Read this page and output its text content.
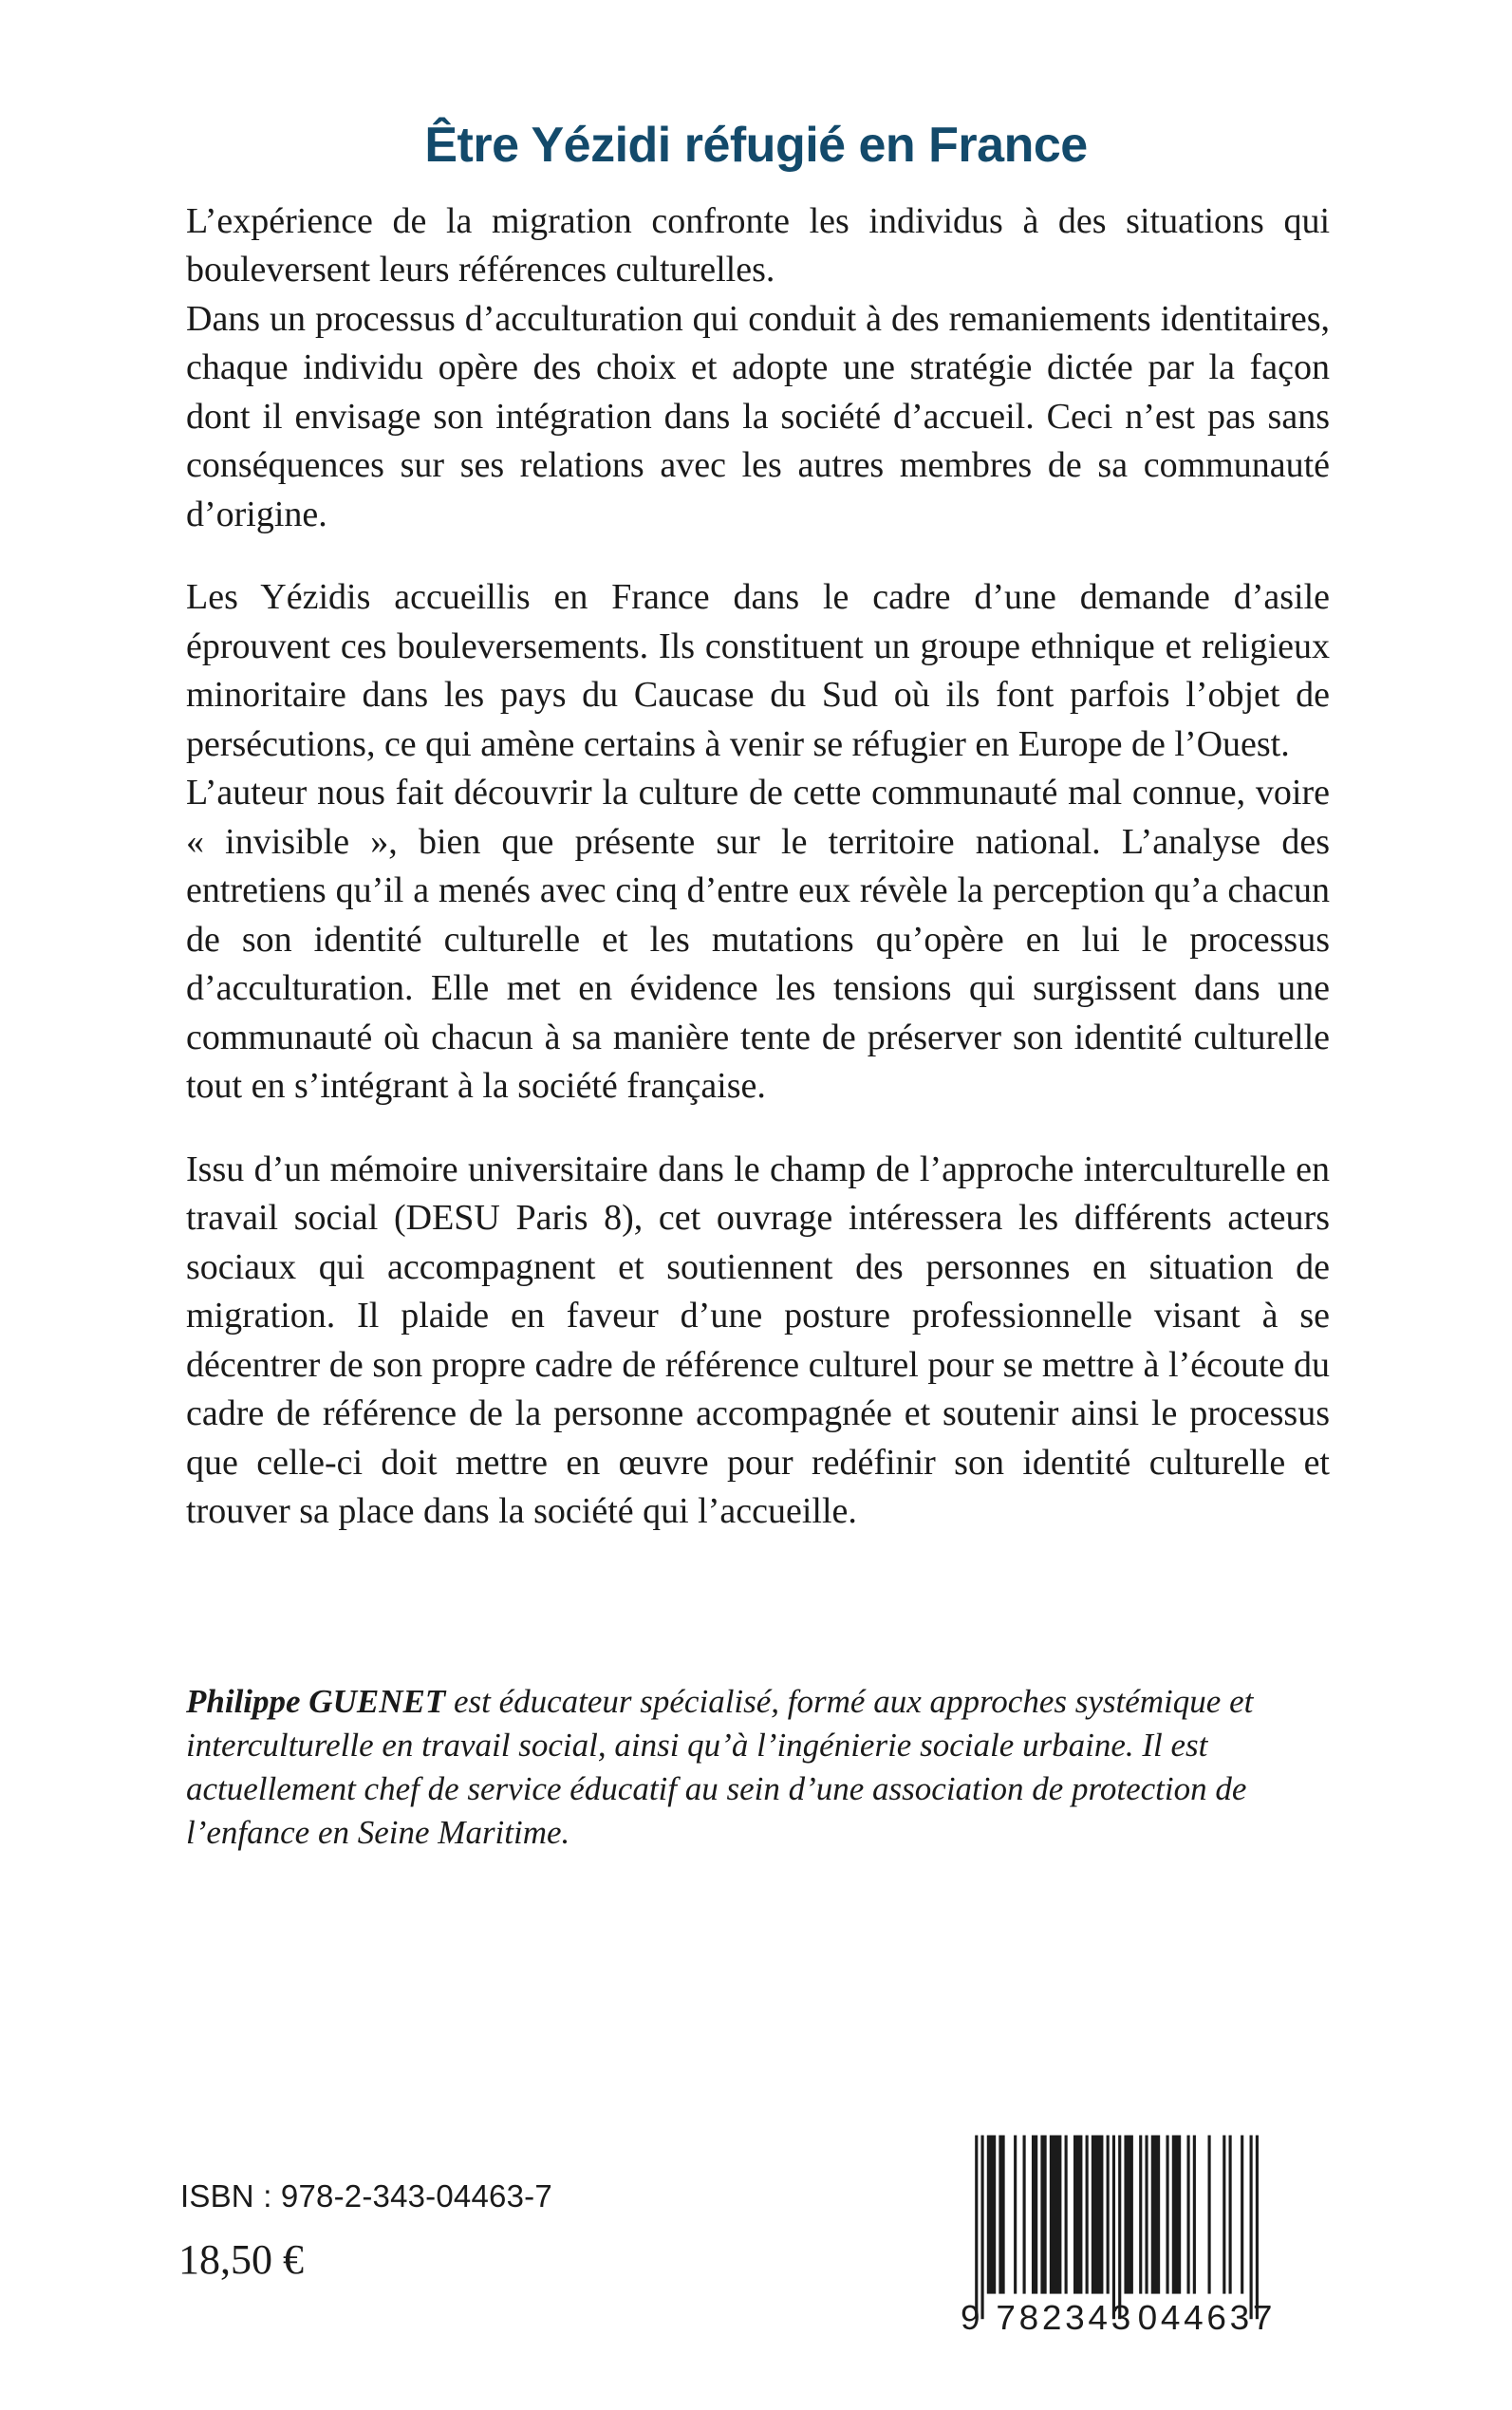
Être Yézidi réfugié en France

L’expérience de la migration confronte les individus à des situations qui bouleversent leurs références culturelles.

Dans un processus d’acculturation qui conduit à des remaniements identitaires, chaque individu opère des choix et adopte une stratégie dictée par la façon dont il envisage son intégration dans la société d’accueil. Ceci n’est pas sans conséquences sur ses relations avec les autres membres de sa communauté d’origine.

Les Yézidis accueillis en France dans le cadre d’une demande d’asile éprouvent ces bouleversements. Ils constituent un groupe ethnique et religieux minoritaire dans les pays du Caucase du Sud où ils font parfois l’objet de persécutions, ce qui amène certains à venir se réfugier en Europe de l’Ouest.

L’auteur nous fait découvrir la culture de cette communauté mal connue, voire « invisible », bien que présente sur le territoire national. L’analyse des entretiens qu’il a menés avec cinq d’entre eux révèle la perception qu’a chacun de son identité culturelle et les mutations qu’opère en lui le processus d’acculturation. Elle met en évidence les tensions qui surgissent dans une communauté où chacun à sa manière tente de préserver son identité culturelle tout en s’intégrant à la société française.

Issu d’un mémoire universitaire dans le champ de l’approche interculturelle en travail social (DESU Paris 8), cet ouvrage intéressera les différents acteurs sociaux qui accompagnent et soutiennent des personnes en situation de migration. Il plaide en faveur d’une posture professionnelle visant à se décentrer de son propre cadre de référence culturel pour se mettre à l’écoute du cadre de référence de la personne accompagnée et soutenir ainsi le processus que celle-ci doit mettre en œuvre pour redéfinir son identité culturelle et trouver sa place dans la société qui l’accueille.

Philippe GUENET est éducateur spécialisé, formé aux approches systémique et interculturelle en travail social, ainsi qu’à l’ingénierie sociale urbaine. Il est actuellement chef de service éducatif au sein d’une association de protection de l’enfance en Seine Maritime.
ISBN : 978-2-343-04463-7
18,50 €
9 782343 044637
